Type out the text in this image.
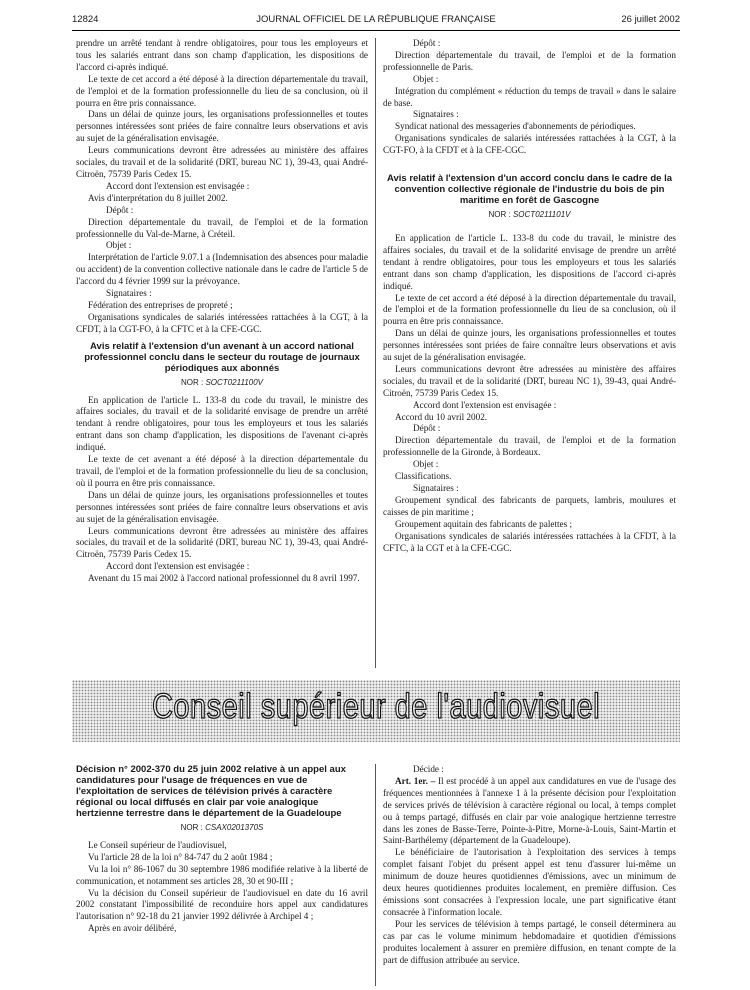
12824	JOURNAL OFFICIEL DE LA RÉPUBLIQUE FRANÇAISE	26 juillet 2002

prendre un arrêté tendant à rendre obligatoires, pour tous les employeurs et tous les salariés entrant dans son champ d'application, les dispositions de l'accord ci-après indiqué.

Le texte de cet accord a été déposé à la direction départementale du travail, de l'emploi et de la formation professionnelle du lieu de sa conclusion, où il pourra en être pris connaissance.

Dans un délai de quinze jours, les organisations professionnelles et toutes personnes intéressées sont priées de faire connaître leurs observations et avis au sujet de la généralisation envisagée.

Leurs communications devront être adressées au ministère des affaires sociales, du travail et de la solidarité (DRT, bureau NC 1), 39-43, quai André-Citroën, 75739 Paris Cedex 15.

Accord dont l'extension est envisagée :

Avis d'interprétation du 8 juillet 2002.

Dépôt :

Direction départementale du travail, de l'emploi et de la formation professionnelle du Val-de-Marne, à Créteil.

Objet :

Interprétation de l'article 9.07.1 a (Indemnisation des absences pour maladie ou accident) de la convention collective nationale dans le cadre de l'article 5 de l'accord du 4 février 1999 sur la prévoyance.

Signataires :

Fédération des entreprises de propreté ;

Organisations syndicales de salariés intéressées rattachées à la CGT, à la CFDT, à la CGT-FO, à la CFTC et à la CFE-CGC.

Avis relatif à l'extension d'un avenant à un accord national professionnel conclu dans le secteur du routage de journaux périodiques aux abonnés
NOR : SOCT0211100V

En application de l'article L. 133-8 du code du travail, le ministre des affaires sociales, du travail et de la solidarité envisage de prendre un arrêté tendant à rendre obligatoires, pour tous les employeurs et tous les salariés entrant dans son champ d'application, les dispositions de l'avenant ci-après indiqué.

Le texte de cet avenant a été déposé à la direction départementale du travail, de l'emploi et de la formation professionnelle du lieu de sa conclusion, où il pourra en être pris connaissance.

Dans un délai de quinze jours, les organisations professionnelles et toutes personnes intéressées sont priées de faire connaître leurs observations et avis au sujet de la généralisation envisagée.

Leurs communications devront être adressées au ministère des affaires sociales, du travail et de la solidarité (DRT, bureau NC 1), 39-43, quai André-Citroën, 75739 Paris Cedex 15.

Accord dont l'extension est envisagée :

Avenant du 15 mai 2002 à l'accord national professionnel du 8 avril 1997.

Dépôt :

Direction départementale du travail, de l'emploi et de la formation professionnelle de Paris.

Objet :

Intégration du complément « réduction du temps de travail » dans le salaire de base.

Signataires :

Syndicat national des messageries d'abonnements de périodiques.

Organisations syndicales de salariés intéressées rattachées à la CGT, à la CGT-FO, à la CFDT et à la CFE-CGC.

Avis relatif à l'extension d'un accord conclu dans le cadre de la convention collective régionale de l'industrie du bois de pin maritime en forêt de Gascogne
NOR : SOCT0211101V

En application de l'article L. 133-8 du code du travail, le ministre des affaires sociales, du travail et de la solidarité envisage de prendre un arrêté tendant à rendre obligatoires, pour tous les employeurs et tous les salariés entrant dans son champ d'application, les dispositions de l'accord ci-après indiqué.

Le texte de cet accord a été déposé à la direction départementale du travail, de l'emploi et de la formation professionnelle du lieu de sa conclusion, où il pourra en être pris connaissance.

Dans un délai de quinze jours, les organisations professionnelles et toutes personnes intéressées sont priées de faire connaître leurs observations et avis au sujet de la généralisation envisagée.

Leurs communications devront être adressées au ministère des affaires sociales, du travail et de la solidarité (DRT, bureau NC 1), 39-43, quai André-Citroën, 75739 Paris Cedex 15.

Accord dont l'extension est envisagée :

Accord du 10 avril 2002.

Dépôt :

Direction départementale du travail, de l'emploi et de la formation professionnelle de la Gironde, à Bordeaux.

Objet :

Classifications.

Signataires :

Groupement syndical des fabricants de parquets, lambris, moulures et caisses de pin maritime ;

Groupement aquitain des fabricants de palettes ;

Organisations syndicales de salariés intéressées rattachées à la CFDT, à la CFTC, à la CGT et à la CFE-CGC.

Conseil supérieur de l'audiovisuel
Décision n° 2002-370 du 25 juin 2002 relative à un appel aux candidatures pour l'usage de fréquences en vue de l'exploitation de services de télévision privés à caractère régional ou local diffusés en clair par voie analogique hertzienne terrestre dans le département de la Guadeloupe
NOR : CSAX0201370S

Le Conseil supérieur de l'audiovisuel,

Vu l'article 28 de la loi n° 84-747 du 2 août 1984 ;

Vu la loi n° 86-1067 du 30 septembre 1986 modifiée relative à la liberté de communication, et notamment ses articles 28, 30 et 90-III ;

Vu la décision du Conseil supérieur de l'audiovisuel en date du 16 avril 2002 constatant l'impossibilité de reconduire hors appel aux candidatures l'autorisation n° 92-18 du 21 janvier 1992 délivrée à Archipel 4 ;

Après en avoir délibéré,

Décide :

Art. 1er. – Il est procédé à un appel aux candidatures en vue de l'usage des fréquences mentionnées à l'annexe 1 à la présente décision pour l'exploitation de services privés de télévision à caractère régional ou local, à temps complet ou à temps partagé, diffusés en clair par voie analogique hertzienne terrestre dans les zones de Basse-Terre, Pointe-à-Pitre, Morne-à-Louis, Saint-Martin et Saint-Barthélemy (département de la Guadeloupe).

Le bénéficiaire de l'autorisation à l'exploitation des services à temps complet faisant l'objet du présent appel est tenu d'assurer lui-même un minimum de douze heures quotidiennes d'émissions, avec un minimum de deux heures quotidiennes produites localement, en première diffusion. Ces émissions sont consacrées à l'expression locale, une part significative étant consacrée à l'information locale.

Pour les services de télévision à temps partagé, le conseil déterminera au cas par cas le volume minimum hebdomadaire et quotidien d'émissions produites localement à assurer en première diffusion, en tenant compte de la part de diffusion attribuée au service.
